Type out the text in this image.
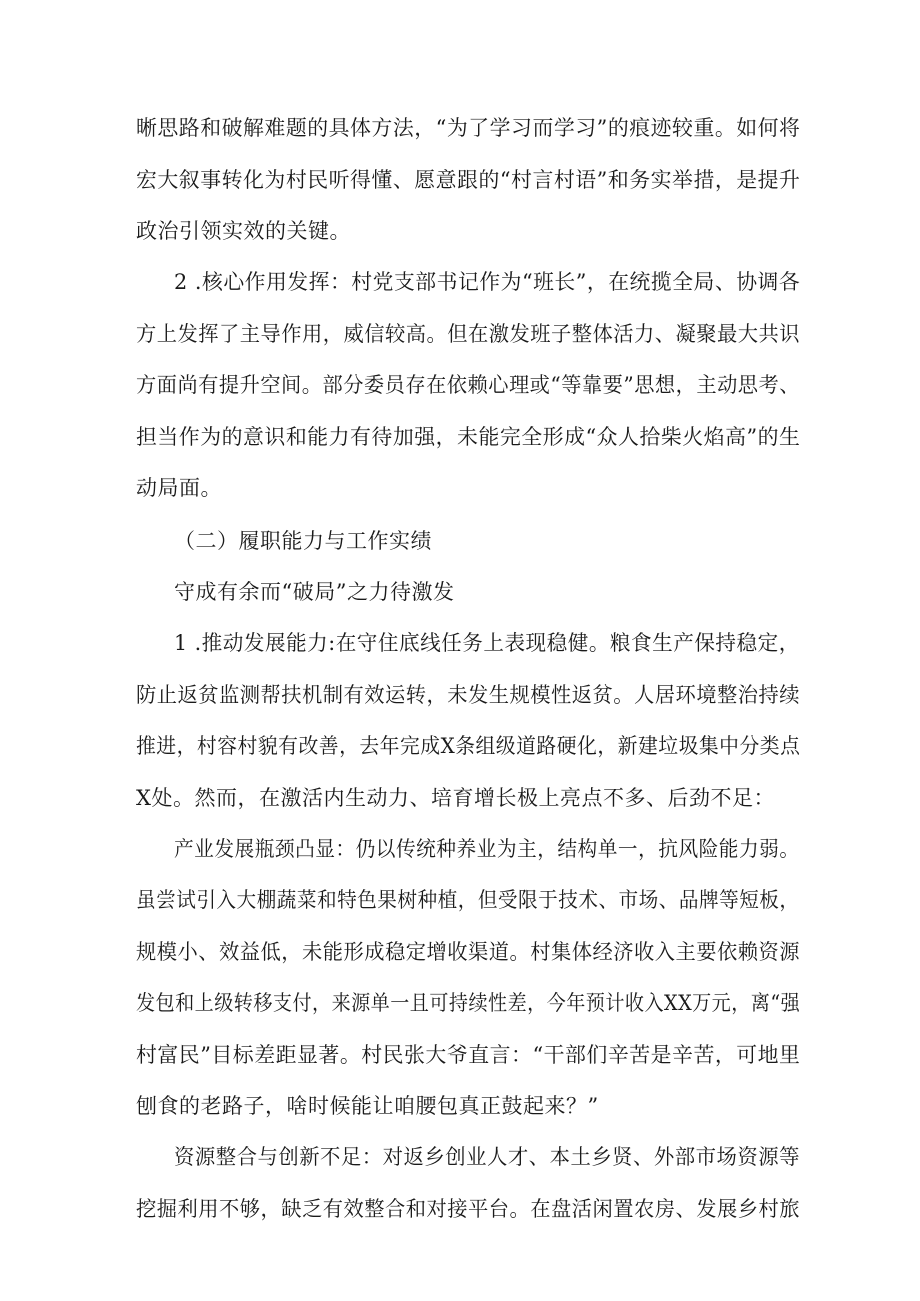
晰思路和破解难题的具体方法，“为了学习而学习”的痕迹较重。如何将

宏大叙事转化为村民听得懂、愿意跟的“村言村语”和务实举措，是提升

政治引领实效的关键。

2 .核心作用发挥：村党支部书记作为“班长”，在统揽全局、协调各

方上发挥了主导作用，威信较高。但在激发班子整体活力、凝聚最大共识

方面尚有提升空间。部分委员存在依赖心理或“等靠要”思想，主动思考、

担当作为的意识和能力有待加强，未能完全形成“众人拾柴火焰高”的生

动局面。

（二）履职能力与工作实绩

守成有余而“破局”之力待激发

1 .推动发展能力:在守住底线任务上表现稳健。粮食生产保持稳定，

防止返贫监测帮扶机制有效运转，未发生规模性返贫。人居环境整治持续

推进，村容村貌有改善，去年完成X条组级道路硬化，新建垃圾集中分类点

X处。然而，在激活内生动力、培育增长极上亮点不多、后劲不足：

产业发展瓶颈凸显：仍以传统种养业为主，结构单一，抗风险能力弱。

虽尝试引入大棚蔬菜和特色果树种植，但受限于技术、市场、品牌等短板，

规模小、效益低，未能形成稳定增收渠道。村集体经济收入主要依赖资源

发包和上级转移支付，来源单一且可持续性差，今年预计收入XX万元，离“强

村富民”目标差距显著。村民张大爷直言：“干部们辛苦是辛苦，可地里

刨食的老路子，啥时候能让咱腰包真正鼓起来？”

资源整合与创新不足：对返乡创业人才、本土乡贤、外部市场资源等

挖掘利用不够，缺乏有效整合和对接平台。在盘活闲置农房、发展乡村旅
